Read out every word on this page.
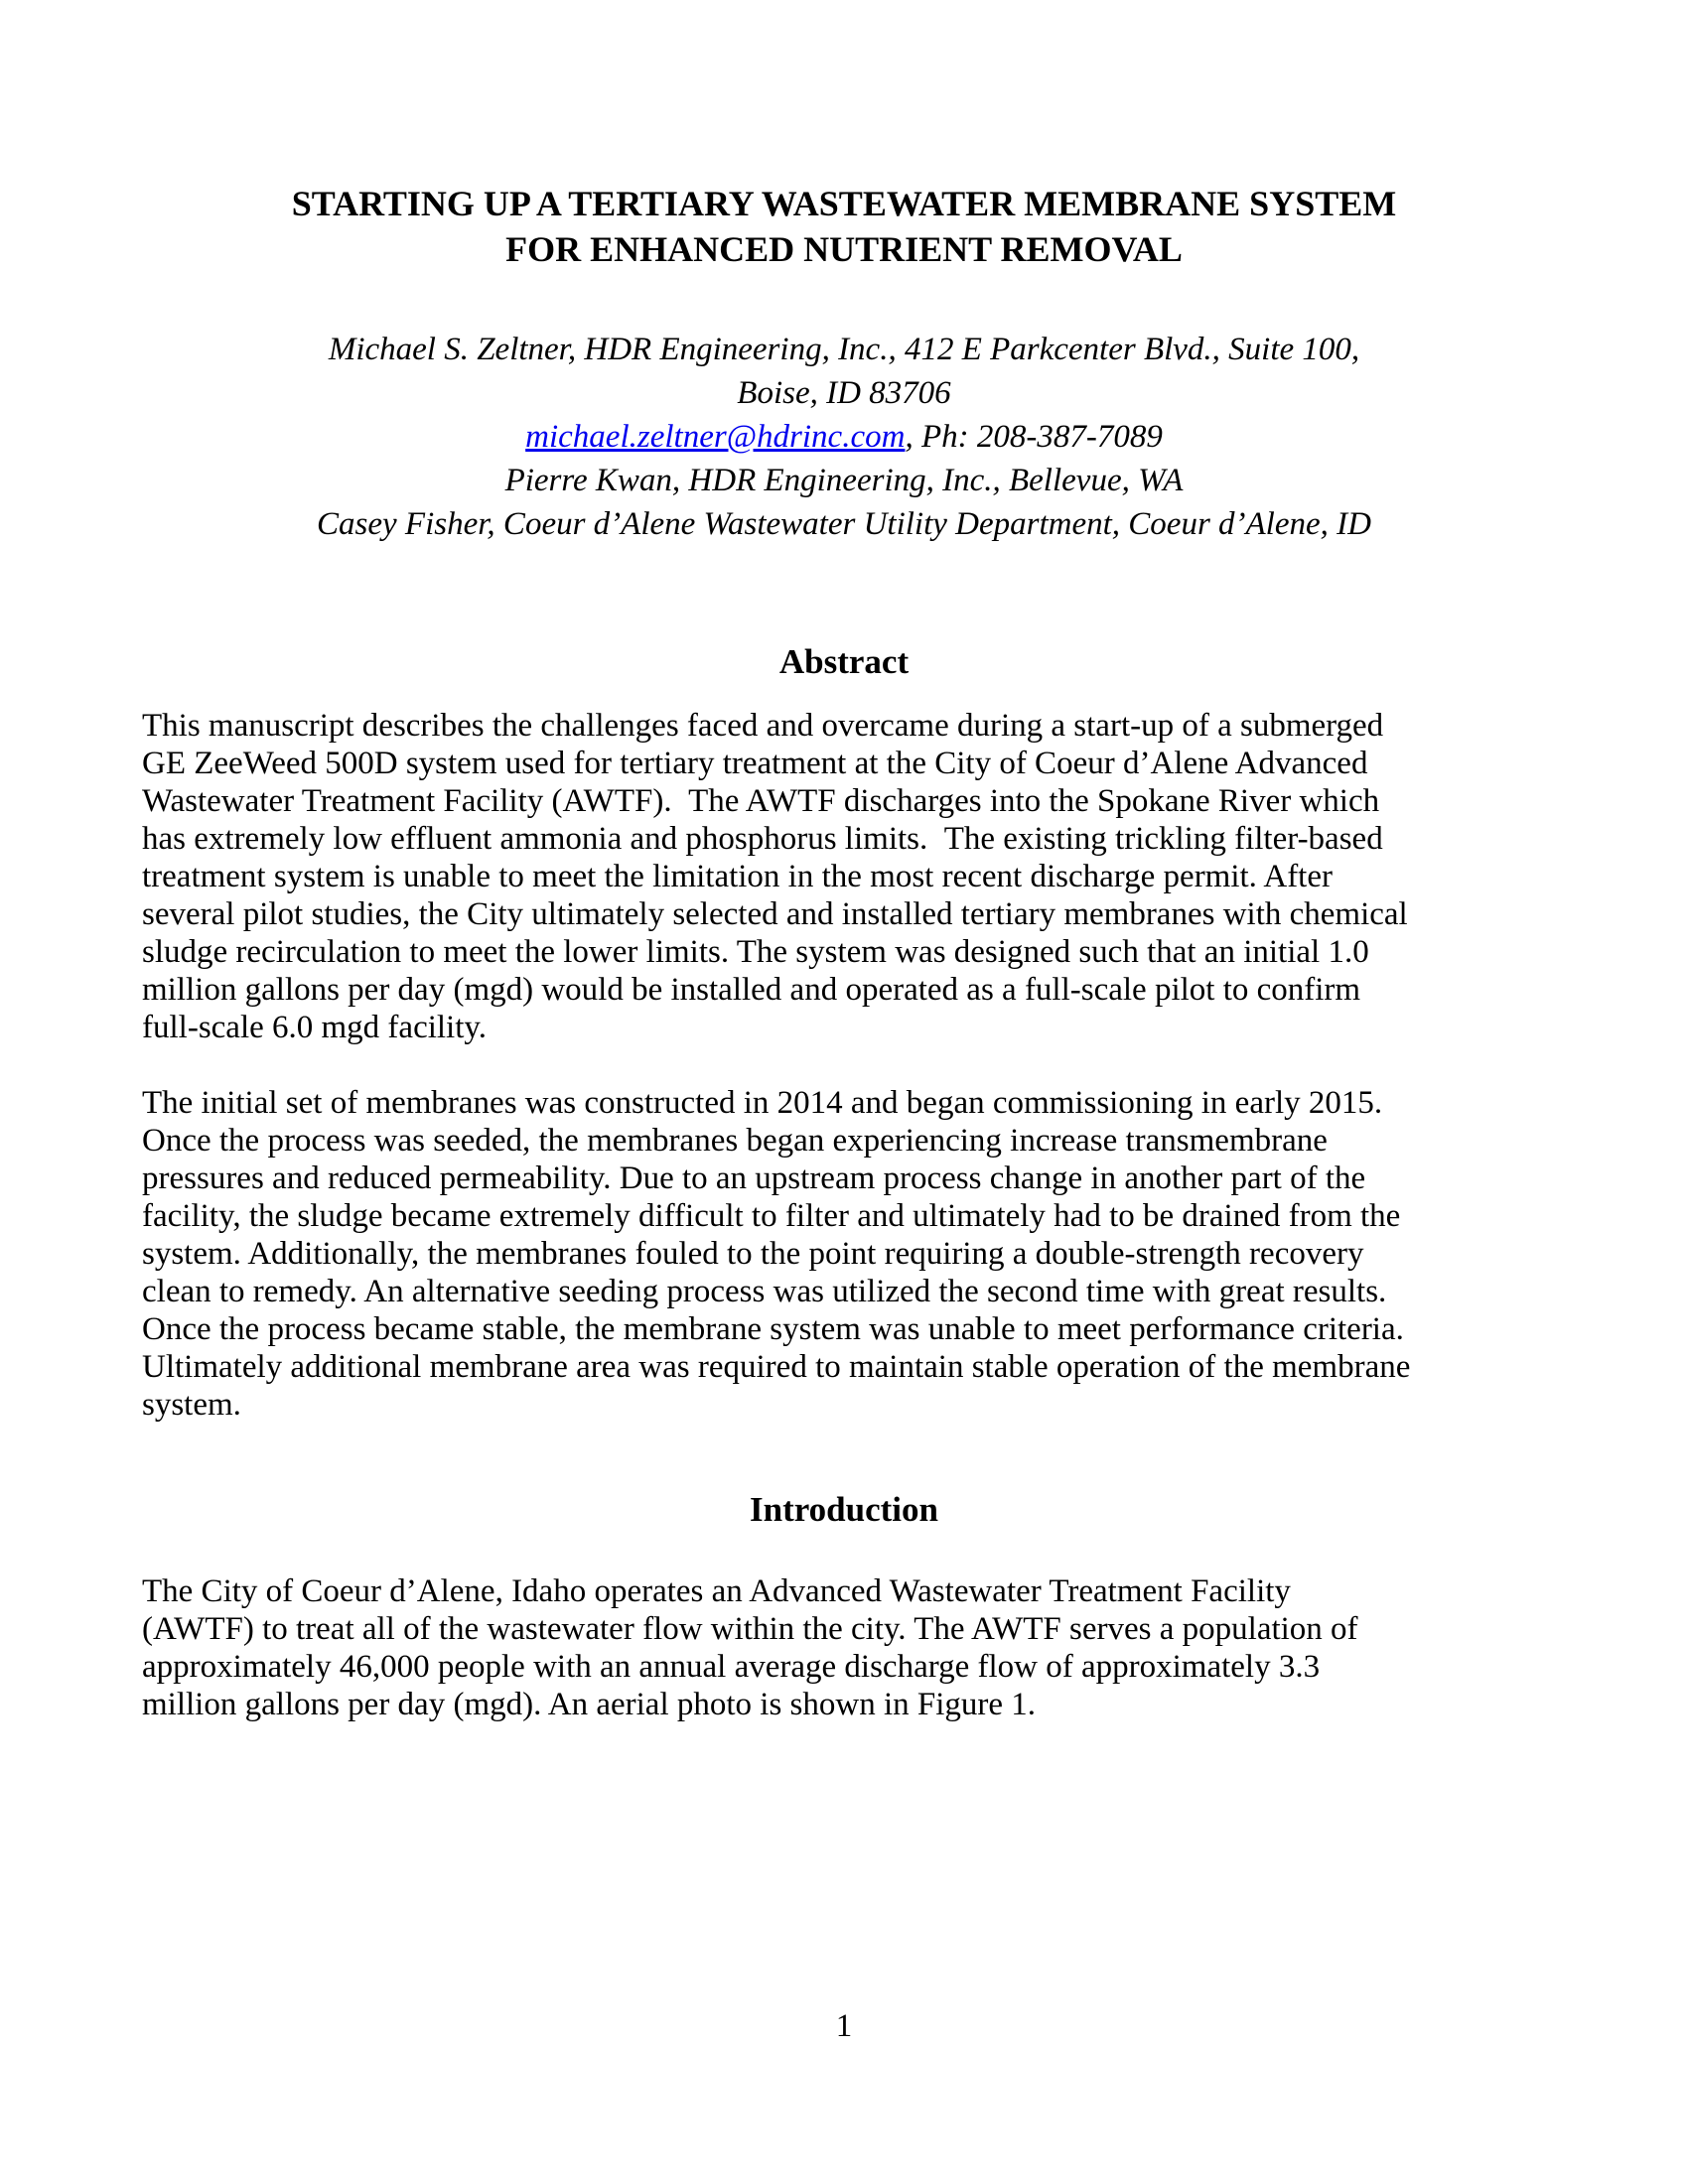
STARTING UP A TERTIARY WASTEWATER MEMBRANE SYSTEM
FOR ENHANCED NUTRIENT REMOVAL
Michael S. Zeltner, HDR Engineering, Inc., 412 E Parkcenter Blvd., Suite 100,
Boise, ID 83706
michael.zeltner@hdrinc.com, Ph: 208-387-7089
Pierre Kwan, HDR Engineering, Inc., Bellevue, WA
Casey Fisher, Coeur d’Alene Wastewater Utility Department, Coeur d’Alene, ID
Abstract

This manuscript describes the challenges faced and overcame during a start-up of a submerged
GE ZeeWeed 500D system used for tertiary treatment at the City of Coeur d’Alene Advanced
Wastewater Treatment Facility (AWTF).  The AWTF discharges into the Spokane River which
has extremely low effluent ammonia and phosphorus limits.  The existing trickling filter-based
treatment system is unable to meet the limitation in the most recent discharge permit. After
several pilot studies, the City ultimately selected and installed tertiary membranes with chemical
sludge recirculation to meet the lower limits. The system was designed such that an initial 1.0
million gallons per day (mgd) would be installed and operated as a full-scale pilot to confirm
full-scale 6.0 mgd facility.

The initial set of membranes was constructed in 2014 and began commissioning in early 2015.
Once the process was seeded, the membranes began experiencing increase transmembrane
pressures and reduced permeability. Due to an upstream process change in another part of the
facility, the sludge became extremely difficult to filter and ultimately had to be drained from the
system. Additionally, the membranes fouled to the point requiring a double-strength recovery
clean to remedy. An alternative seeding process was utilized the second time with great results.
Once the process became stable, the membrane system was unable to meet performance criteria.
Ultimately additional membrane area was required to maintain stable operation of the membrane
system.

Introduction

The City of Coeur d’Alene, Idaho operates an Advanced Wastewater Treatment Facility
(AWTF) to treat all of the wastewater flow within the city. The AWTF serves a population of
approximately 46,000 people with an annual average discharge flow of approximately 3.3
million gallons per day (mgd). An aerial photo is shown in Figure 1.

1
